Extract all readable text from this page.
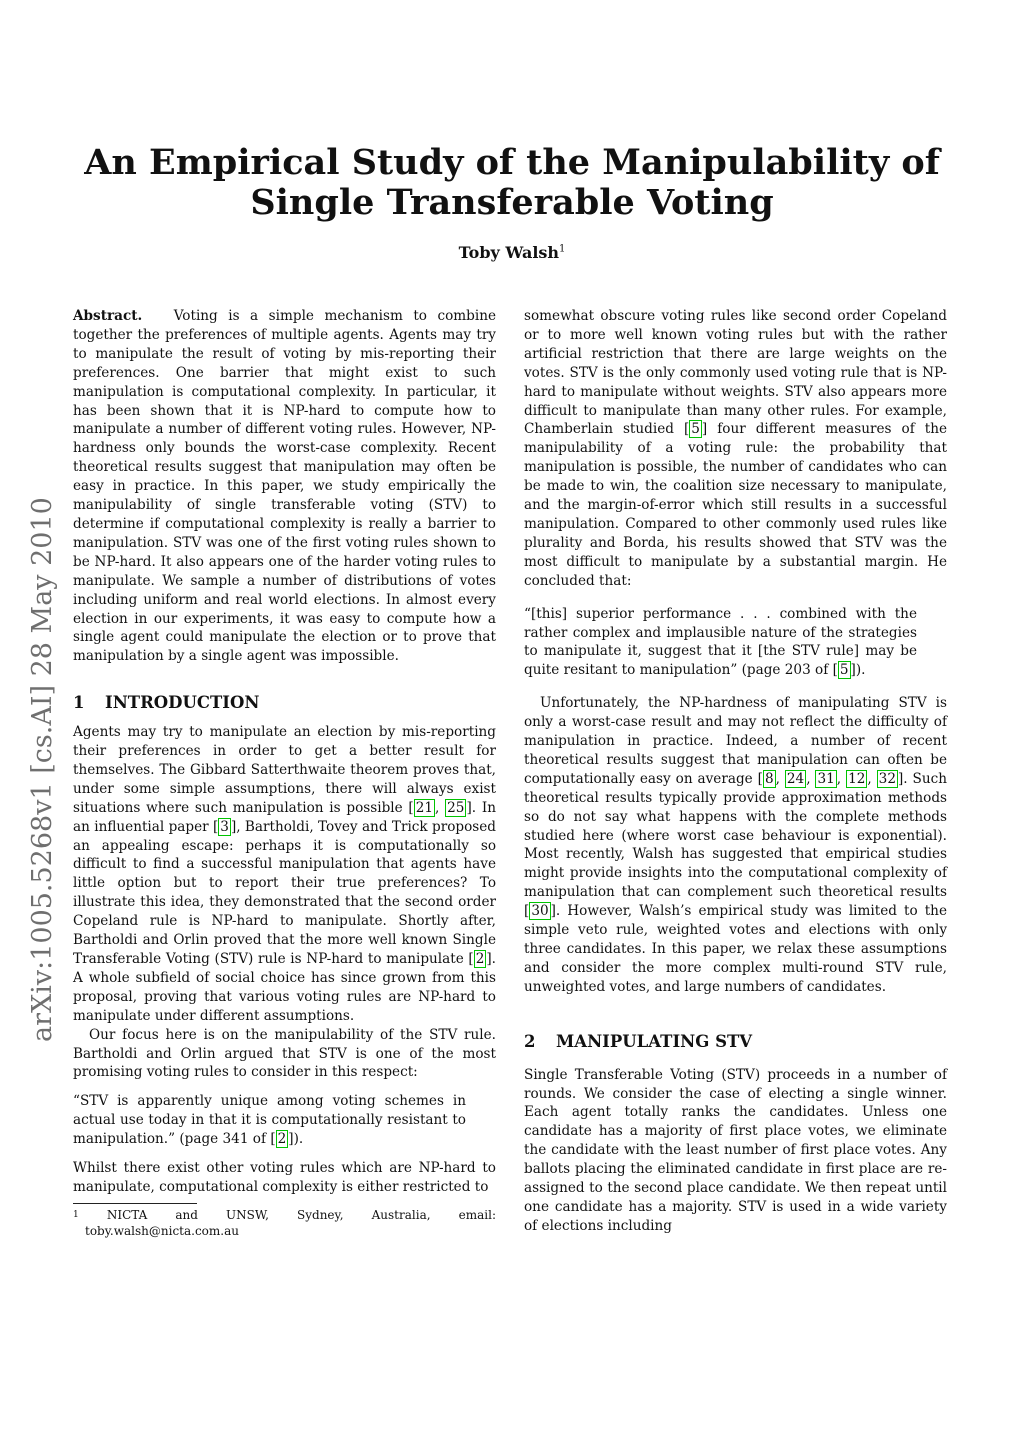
An Empirical Study of the Manipulability of
Single Transferable Voting
Toby Walsh$^1$
arXiv:1005.5268v1 [cs.AI] 28 May 2010

Abstract. Voting is a simple mechanism to combine together the preferences of multiple agents. Agents may try to manipulate the result of voting by mis-reporting their preferences. One barrier that might exist to such manipulation is computational complexity. In particular, it has been shown that it is NP-hard to compute how to manipulate a number of different voting rules. However, NP-hardness only bounds the worst-case complexity. Recent theoretical results suggest that manipulation may often be easy in practice. In this paper, we study empirically the manipulability of single transferable voting (STV) to determine if computational complexity is really a barrier to manipulation. STV was one of the first voting rules shown to be NP-hard. It also appears one of the harder voting rules to manipulate. We sample a number of distributions of votes including uniform and real world elections. In almost every election in our experiments, it was easy to compute how a single agent could manipulate the election or to prove that manipulation by a single agent was impossible.

1 INTRODUCTION

Agents may try to manipulate an election by mis-reporting their preferences in order to get a better result for themselves. The Gibbard Satterthwaite theorem proves that, under some simple assumptions, there will always exist situations where such manipulation is possible [ 21 , 25 ]. In an influential paper [ 3 ], Bartholdi, Tovey and Trick proposed an appealing escape: perhaps it is computationally so difficult to find a successful manipulation that agents have little option but to report their true preferences? To illustrate this idea, they demonstrated that the second order Copeland rule is NP-hard to manipulate. Shortly after, Bartholdi and Orlin proved that the more well known Single Transferable Voting (STV) rule is NP-hard to manipulate [ 2 ]. A whole subfield of social choice has since grown from this proposal, proving that various voting rules are NP-hard to manipulate under different assumptions.

Our focus here is on the manipulability of the STV rule. Bartholdi and Orlin argued that STV is one of the most promising voting rules to consider in this respect:

“STV is apparently unique among voting schemes in actual use today in that it is computationally resistant to manipulation.” (page 341 of [ 2 ]).

Whilst there exist other voting rules which are NP-hard to manipulate, computational complexity is either restricted to

1 NICTA and UNSW, Sydney, Australia, email:

toby.walsh@nicta.com.au

somewhat obscure voting rules like second order Copeland or to more well known voting rules but with the rather artificial restriction that there are large weights on the votes. STV is the only commonly used voting rule that is NP-hard to manipulate without weights. STV also appears more difficult to manipulate than many other rules. For example, Chamberlain studied [ 5 ] four different measures of the manipulability of a voting rule: the probability that manipulation is possible, the number of candidates who can be made to win, the coalition size necessary to manipulate, and the margin-of-error which still results in a successful manipulation. Compared to other commonly used rules like plurality and Borda, his results showed that STV was the most difficult to manipulate by a substantial margin. He concluded that:

“[this] superior performance . . . combined with the rather complex and implausible nature of the strategies to manipulate it, suggest that it [the STV rule] may be quite resitant to manipulation” (page 203 of [ 5 ]).

Unfortunately, the NP-hardness of manipulating STV is only a worst-case result and may not reflect the difficulty of manipulation in practice. Indeed, a number of recent theoretical results suggest that manipulation can often be computationally easy on average [ 8 , 24 , 31 , 12 , 32 ]. Such theoretical results typically provide approximation methods so do not say what happens with the complete methods studied here (where worst case behaviour is exponential). Most recently, Walsh has suggested that empirical studies might provide insights into the computational complexity of manipulation that can complement such theoretical results [ 30 ]. However, Walsh’s empirical study was limited to the simple veto rule, weighted votes and elections with only three candidates. In this paper, we relax these assumptions and consider the more complex multi-round STV rule, unweighted votes, and large numbers of candidates.

2 MANIPULATING STV

Single Transferable Voting (STV) proceeds in a number of rounds. We consider the case of electing a single winner. Each agent totally ranks the candidates. Unless one candidate has a majority of first place votes, we eliminate the candidate with the least number of first place votes. Any ballots placing the eliminated candidate in first place are re-assigned to the second place candidate. We then repeat until one candidate has a majority. STV is used in a wide variety of elections including
